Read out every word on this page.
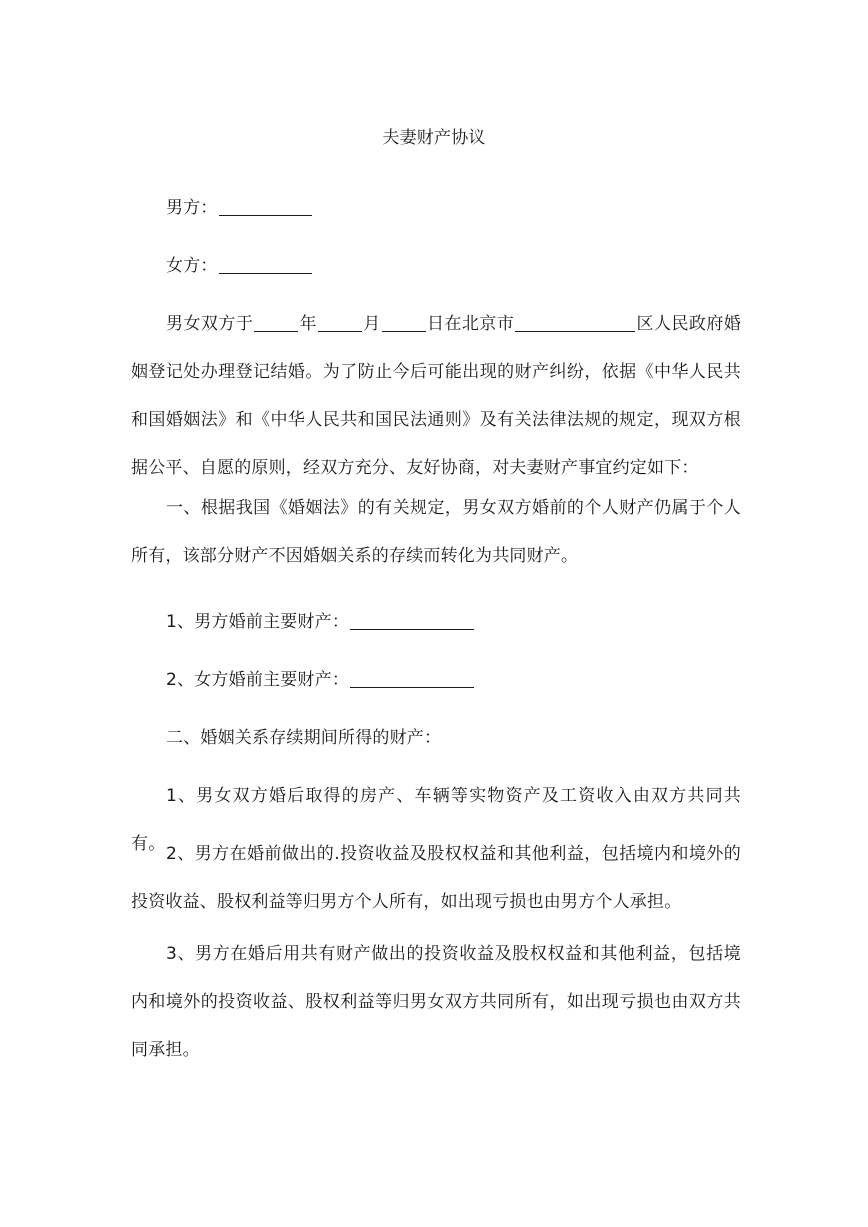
夫妻财产协议

男方：

女方：

男女双方于	年	月	日在北京市	区人民政府婚姻登记处办理登记结婚。为了防止今后可能出现的财产纠纷，依据《中华人民共和国婚姻法》和《中华人民共和国民法通则》及有关法律法规的规定，现双方根据公平、自愿的原则，经双方充分、友好协商，对夫妻财产事宜约定如下：

一、根据我国《婚姻法》的有关规定，男女双方婚前的个人财产仍属于个人所有，该部分财产不因婚姻关系的存续而转化为共同财产。

1、男方婚前主要财产：

2、女方婚前主要财产：

二、婚姻关系存续期间所得的财产：

1、男女双方婚后取得的房产、车辆等实物资产及工资收入由双方共同共有。 2、男方在婚前做出的.投资收益及股权权益和其他利益，包括境内和境外的投资收益、股权利益等归男方个人所有，如出现亏损也由男方个人承担。

3、男方在婚后用共有财产做出的投资收益及股权权益和其他利益，包括境内和境外的投资收益、股权利益等归男女双方共同所有，如出现亏损也由双方共同承担。
